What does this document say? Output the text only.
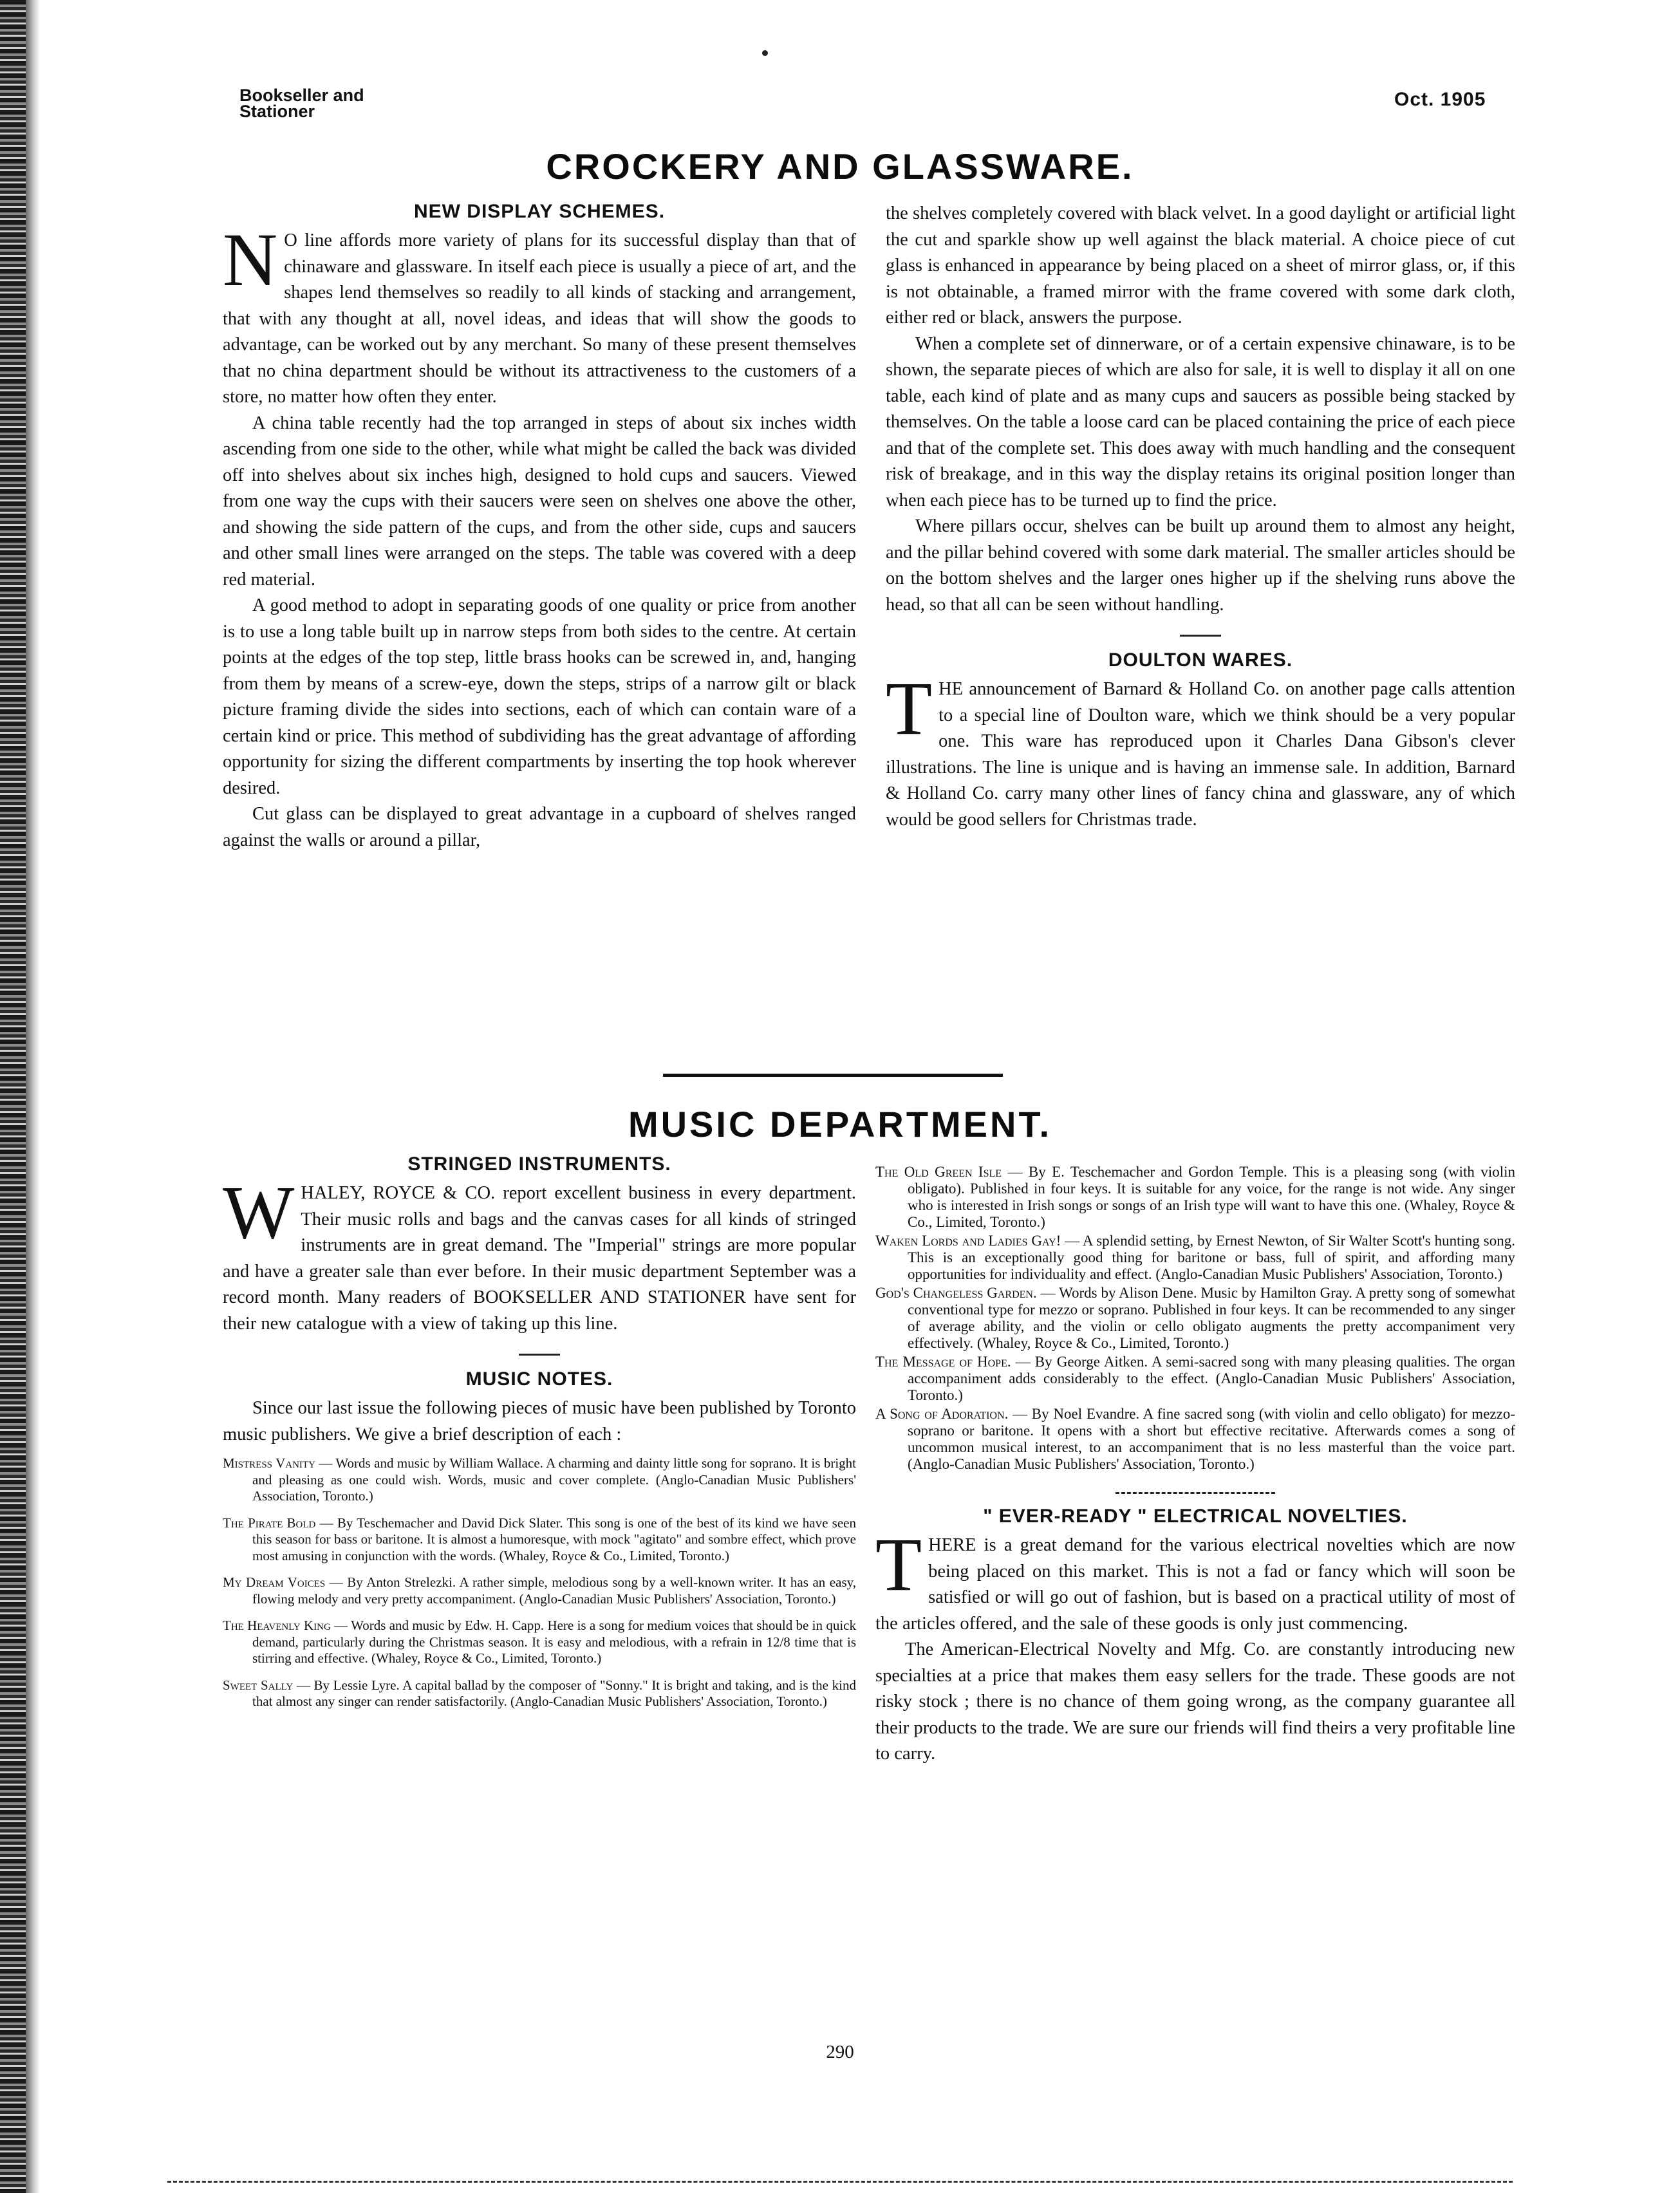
Bookseller and
Stationer
Oct. 1905
CROCKERY AND GLASSWARE.
NEW DISPLAY SCHEMES.

N O line affords more variety of plans for its successful display than that of chinaware and glassware. In itself each piece is usually a piece of art, and the shapes lend themselves so readily to all kinds of stacking and arrangement, that with any thought at all, novel ideas, and ideas that will show the goods to advantage, can be worked out by any merchant. So many of these present themselves that no china department should be without its attractiveness to the customers of a store, no matter how often they enter.

A china table recently had the top arranged in steps of about six inches width ascending from one side to the other, while what might be called the back was divided off into shelves about six inches high, designed to hold cups and saucers. Viewed from one way the cups with their saucers were seen on shelves one above the other, and showing the side pattern of the cups, and from the other side, cups and saucers and other small lines were arranged on the steps. The table was covered with a deep red material.

A good method to adopt in separating goods of one quality or price from another is to use a long table built up in narrow steps from both sides to the centre. At certain points at the edges of the top step, little brass hooks can be screwed in, and, hanging from them by means of a screw-eye, down the steps, strips of a narrow gilt or black picture framing divide the sides into sections, each of which can contain ware of a certain kind or price. This method of subdividing has the great advantage of affording opportunity for sizing the different compartments by inserting the top hook wherever desired.

Cut glass can be displayed to great advantage in a cupboard of shelves ranged against the walls or around a pillar,

the shelves completely covered with black velvet. In a good daylight or artificial light the cut and sparkle show up well against the black material. A choice piece of cut glass is enhanced in appearance by being placed on a sheet of mirror glass, or, if this is not obtainable, a framed mirror with the frame covered with some dark cloth, either red or black, answers the purpose.

When a complete set of dinnerware, or of a certain expensive chinaware, is to be shown, the separate pieces of which are also for sale, it is well to display it all on one table, each kind of plate and as many cups and saucers as possible being stacked by themselves. On the table a loose card can be placed containing the price of each piece and that of the complete set. This does away with much handling and the consequent risk of breakage, and in this way the display retains its original position longer than when each piece has to be turned up to find the price.

Where pillars occur, shelves can be built up around them to almost any height, and the pillar behind covered with some dark material. The smaller articles should be on the bottom shelves and the larger ones higher up if the shelving runs above the head, so that all can be seen without handling.

DOULTON WARES.

THE announcement of Barnard & Holland Co. on another page calls attention to a special line of Doulton ware, which we think should be a very popular one. This ware has reproduced upon it Charles Dana Gibson's clever illustrations. The line is unique and is having an immense sale. In addition, Barnard & Holland Co. carry many other lines of fancy china and glassware, any of which would be good sellers for Christmas trade.

MUSIC DEPARTMENT.
STRINGED INSTRUMENTS.

WHALEY, ROYCE & CO. report excellent business in every department. Their music rolls and bags and the canvas cases for all kinds of stringed instruments are in great demand. The "Imperial" strings are more popular and have a greater sale than ever before. In their music department September was a record month. Many readers of BOOKSELLER AND STATIONER have sent for their new catalogue with a view of taking up this line.

MUSIC NOTES.

Since our last issue the following pieces of music have been published by Toronto music publishers. We give a brief description of each :

Mistress Vanity — Words and music by William Wallace. A charming and dainty little song for soprano. It is bright and pleasing as one could wish. Words, music and cover complete. (Anglo-Canadian Music Publishers' Association, Toronto.)

The Pirate Bold — By Teschemacher and David Dick Slater. This song is one of the best of its kind we have seen this season for bass or baritone. It is almost a humoresque, with mock "agitato" and sombre effect, which prove most amusing in conjunction with the words. (Whaley, Royce & Co., Limited, Toronto.)

My Dream Voices — By Anton Strelezki. A rather simple, melodious song by a well-known writer. It has an easy, flowing melody and very pretty accompaniment. (Anglo-Canadian Music Publishers' Association, Toronto.)

The Heavenly King — Words and music by Edw. H. Capp. Here is a song for medium voices that should be in quick demand, particularly during the Christmas season. It is easy and melodious, with a refrain in 12/8 time that is stirring and effective. (Whaley, Royce & Co., Limited, Toronto.)

Sweet Sally — By Lessie Lyre. A capital ballad by the composer of "Sonny." It is bright and taking, and is the kind that almost any singer can render satisfactorily. (Anglo-Canadian Music Publishers' Association, Toronto.)

The Old Green Isle — By E. Teschemacher and Gordon Temple. This is a pleasing song (with violin obligato). Published in four keys. It is suitable for any voice, for the range is not wide. Any singer who is interested in Irish songs or songs of an Irish type will want to have this one. (Whaley, Royce & Co., Limited, Toronto.)

Waken Lords and Ladies Gay! — A splendid setting, by Ernest Newton, of Sir Walter Scott's hunting song. This is an exceptionally good thing for baritone or bass, full of spirit, and affording many opportunities for individuality and effect. (Anglo-Canadian Music Publishers' Association, Toronto.)

God's Changeless Garden. — Words by Alison Dene. Music by Hamilton Gray. A pretty song of somewhat conventional type for mezzo or soprano. Published in four keys. It can be recommended to any singer of average ability, and the violin or cello obligato augments the pretty accompaniment very effectively. (Whaley, Royce & Co., Limited, Toronto.)

The Message of Hope. — By George Aitken. A semi-sacred song with many pleasing qualities. The organ accompaniment adds considerably to the effect. (Anglo-Canadian Music Publishers' Association, Toronto.)

A Song of Adoration. — By Noel Evandre. A fine sacred song (with violin and cello obligato) for mezzo-soprano or baritone. It opens with a short but effective recitative. Afterwards comes a song of uncommon musical interest, to an accompaniment that is no less masterful than the voice part. (Anglo-Canadian Music Publishers' Association, Toronto.)

" EVER-READY " ELECTRICAL NOVELTIES.

THERE is a great demand for the various electrical novelties which are now being placed on this market. This is not a fad or fancy which will soon be satisfied or will go out of fashion, but is based on a practical utility of most of the articles offered, and the sale of these goods is only just commencing.

The American-Electrical Novelty and Mfg. Co. are constantly introducing new specialties at a price that makes them easy sellers for the trade. These goods are not risky stock ; there is no chance of them going wrong, as the company guarantee all their products to the trade. We are sure our friends will find theirs a very profitable line to carry.

290
